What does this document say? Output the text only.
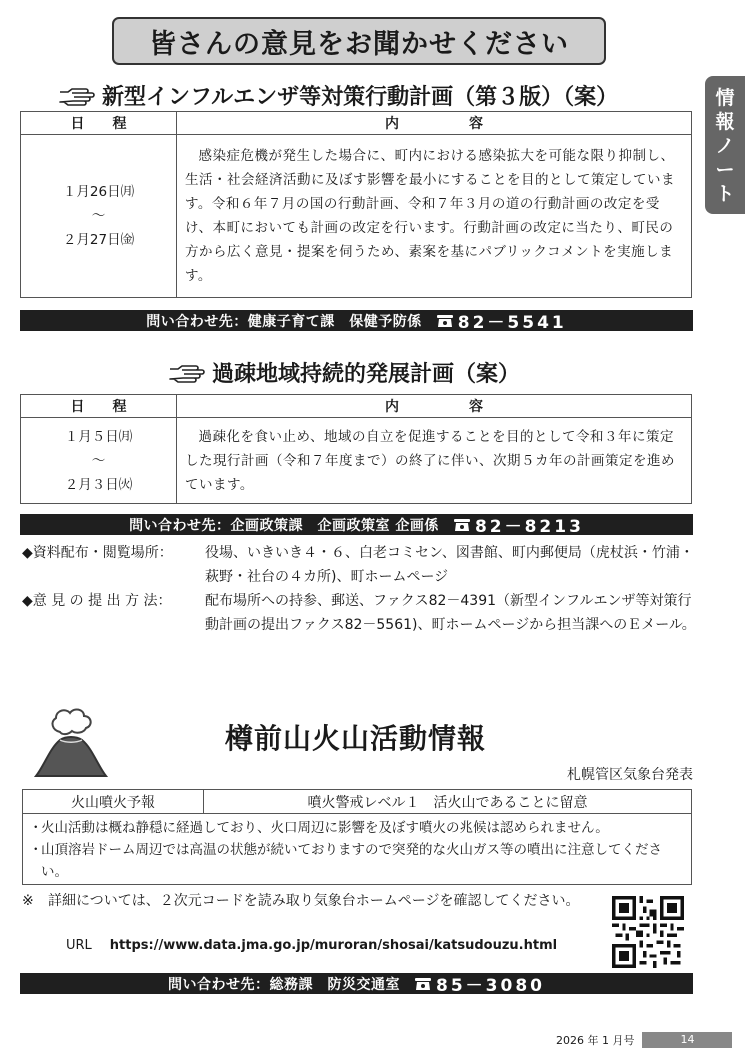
皆さんの意見をお聞かせください
情
報
ノ
ー
ト
新型インフルエンザ等対策行動計画（第３版）（案）
日　　程	内　　　　　容

１月26日㈪
～
２月27日㈮	感染症危機が発生した場合に、町内における感染拡大を可能な限り抑制し、生活・社会経済活動に及ぼす影響を最小にすることを目的として策定しています。令和６年７月の国の行動計画、令和７年３月の道の行動計画の改定を受け、本町においても計画の改定を行います。行動計画の改定に当たり、町民の方から広く意見・提案を伺うため、素案を基にパブリックコメントを実施します。
問い合わせ先：健康子育て課　保健予防係 82－5541
過疎地域持続的発展計画（案）
日　　程	内　　　　　容

１月５日㈪
～
２月３日㈫	過疎化を食い止め、地域の自立を促進することを目的として令和３年に策定した現行計画（令和７年度まで）の終了に伴い、次期５カ年の計画策定を進めています。
問い合わせ先：企画政策課　企画政策室 企画係 82－8213
◆資料配布・閲覧場所：	役場、いきいき４・６、白老コミセン、図書館、町内郵便局（虎杖浜・竹浦・萩野・社台の４カ所)、町ホームページ
◆意 見 の 提 出 方 法：	配布場所への持参、郵送、ファクス82－4391（新型インフルエンザ等対策行動計画の提出ファクス82－5561)、町ホームページから担当課へのＥメール。
樽前山火山活動情報
札幌管区気象台発表
火山噴火予報	噴火警戒レベル１　活火山であることに留意
・
火山活動は概ね静穏に経過しており、火口周辺に影響を及ぼす噴火の兆候は認められません。
・
山頂溶岩ドーム周辺では高温の状態が続いておりますので突発的な火山ガス等の噴出に注意してください。
※	詳細については、２次元コードを読み取り気象台ホームページを確認してください。
URL https://www.data.jma.go.jp/muroran/shosai/katsudouzu.html
問い合わせ先：総務課　防災交通室 85－3080
2026 年 1 月号	14
